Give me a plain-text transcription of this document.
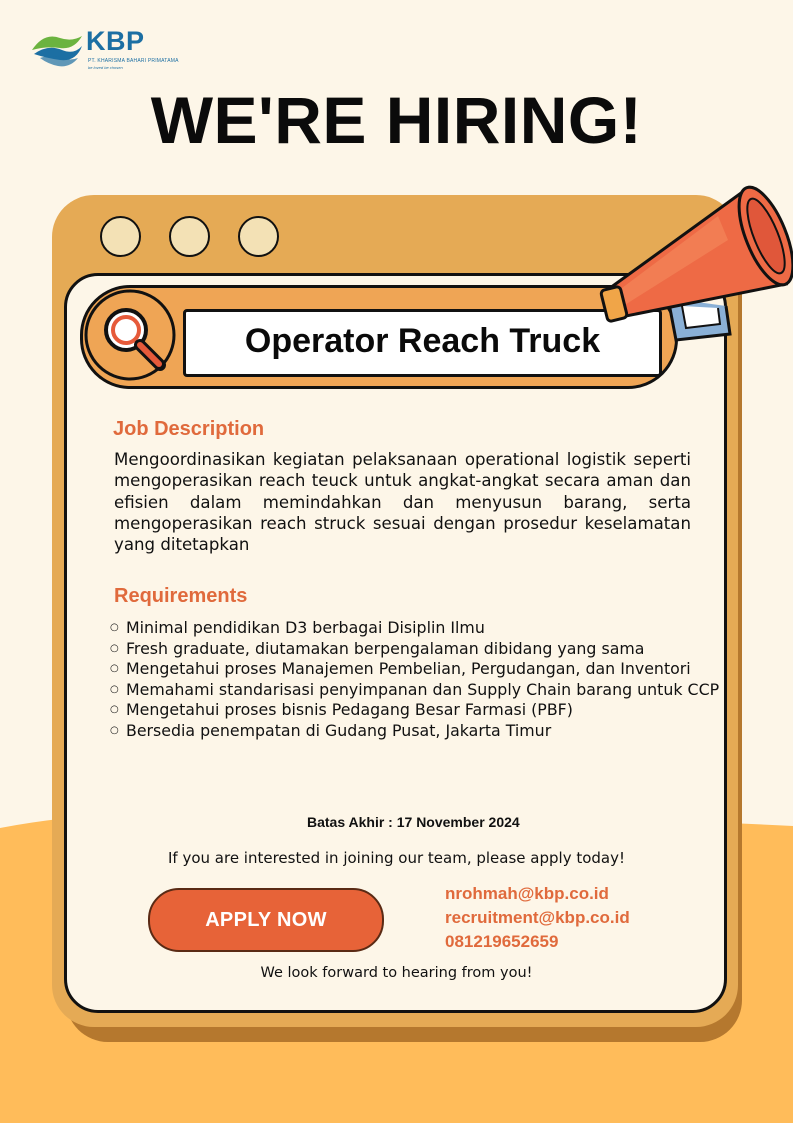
KBP
PT. KHARISMA BAHARI PRIMATAMA
be loved be chosen
WE'RE HIRING!
Operator Reach Truck
Job Description
Mengoordinasikan kegiatan pelaksanaan operational logistik seperti mengoperasikan reach teuck untuk angkat-angkat secara aman dan efisien dalam memindahkan dan menyusun barang, serta mengoperasikan reach struck sesuai dengan prosedur keselamatan yang ditetapkan
Requirements
○ Minimal pendidikan D3 berbagai Disiplin Ilmu
○ Fresh graduate, diutamakan berpengalaman dibidang yang sama
○ Mengetahui proses Manajemen Pembelian, Pergudangan, dan Inventori
○ Memahami standarisasi penyimpanan dan Supply Chain barang untuk CCP
○ Mengetahui proses bisnis Pedagang Besar Farmasi (PBF)
○ Bersedia penempatan di Gudang Pusat, Jakarta Timur
Batas Akhir : 17 November 2024
If you are interested in joining our team, please apply today!
APPLY NOW
nrohmah@kbp.co.id
recruitment@kbp.co.id
081219652659
We look forward to hearing from you!
